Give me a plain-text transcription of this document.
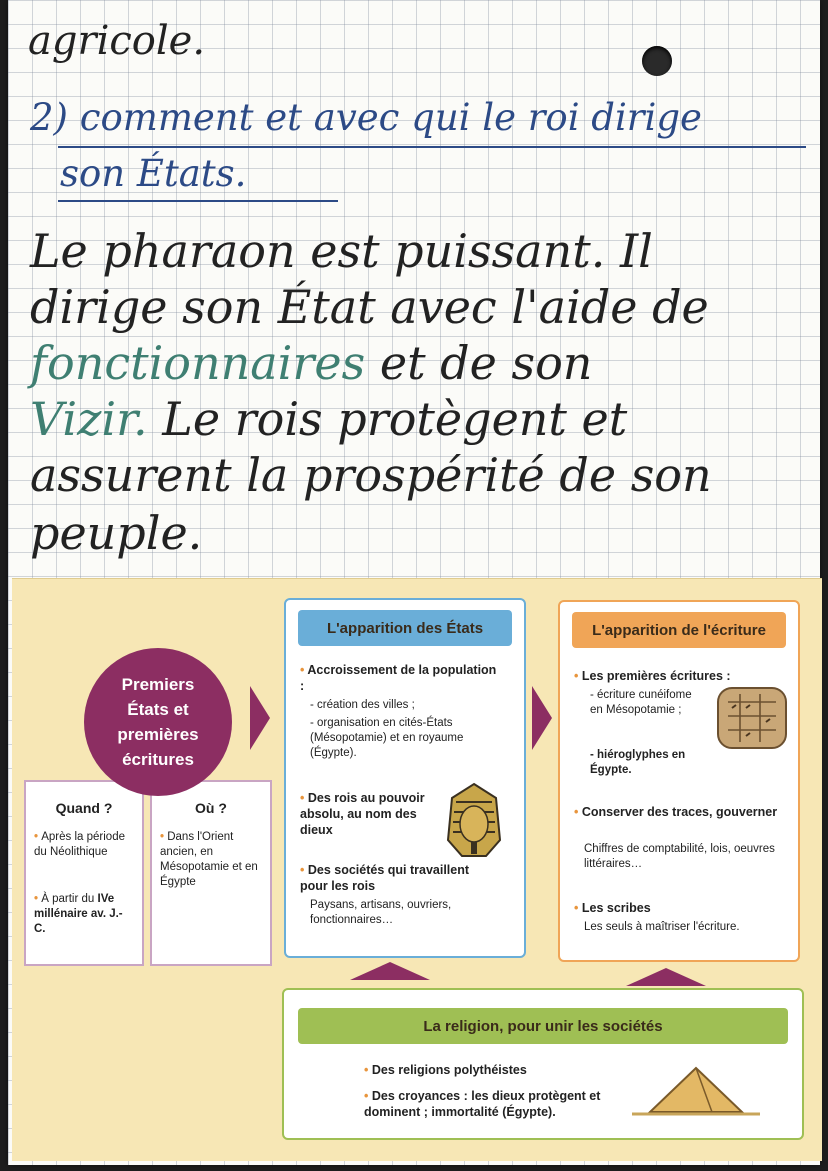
agricole.

2) comment et avec qui le roi dirige

son États.

Le pharaon est puissant. Il

dirige son État avec l'aide de

fonctionnaires et de son

Vizir. Le rois protègent et

assurent la prospérité de son

peuple.

Quand ?
• Après la période du Néolithique
• À partir du IVe millénaire av. J.-C.
Où ?
• Dans l'Orient ancien, en Mésopotamie et en Égypte
Premiers
États et
premières
écritures
L'apparition des États
• Accroissement de la population :
- création des villes ;
- organisation en cités-États (Mésopotamie) et en royaume (Égypte).
• Des rois au pouvoir absolu, au nom des dieux
• Des sociétés qui travaillent pour les rois
Paysans, artisans, ouvriers, fonctionnaires…
L'apparition de l'écriture
• Les premières écritures :
- écriture cunéifome en Mésopotamie ;
- hiéroglyphes en Égypte.
• Conserver des traces, gouverner
Chiffres de comptabilité, lois, oeuvres littéraires…
• Les scribes
Les seuls à maîtriser l'écriture.
La religion, pour unir les sociétés
• Des religions polythéistes
• Des croyances : les dieux protègent et dominent ; immortalité (Égypte).
